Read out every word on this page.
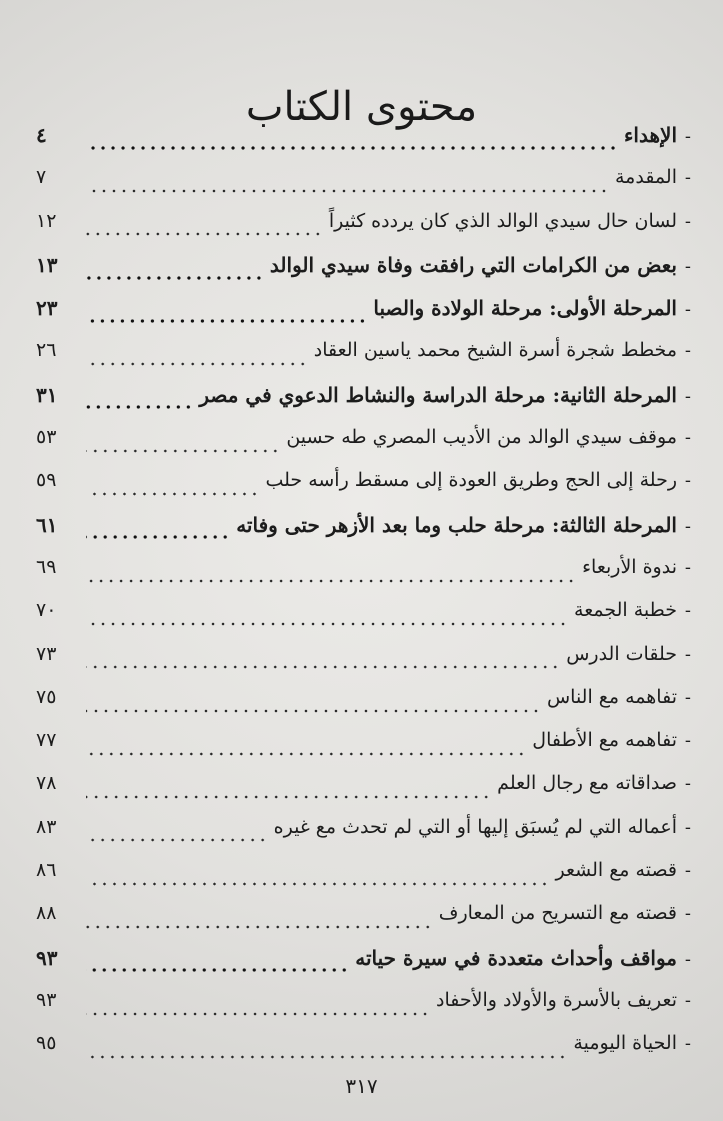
محتوى الكتاب
-
الإهداء
٤
-
المقدمة
٧
-
لسان حال سيدي الوالد الذي كان يردده كثيراً
١٢
-
بعض من الكرامات التي رافقت وفاة سيدي الوالد
١٣
-
المرحلة الأولى: مرحلة الولادة والصبا
٢٣
-
مخطط شجرة أسرة الشيخ محمد ياسين العقاد
٢٦
-
المرحلة الثانية: مرحلة الدراسة والنشاط الدعوي في مصر
٣١
-
موقف سيدي الوالد من الأديب المصري طه حسين
٥٣
-
رحلة إلى الحج وطريق العودة إلى مسقط رأسه حلب
٥٩
-
المرحلة الثالثة: مرحلة حلب وما بعد الأزهر حتى وفاته
٦١
-
ندوة الأربعاء
٦٩
-
خطبة الجمعة
٧٠
-
حلقات الدرس
٧٣
-
تفاهمه مع الناس
٧٥
-
تفاهمه مع الأطفال
٧٧
-
صداقاته مع رجال العلم
٧٨
-
أعماله التي لم يُسبَق إليها أو التي لم تحدث مع غيره
٨٣
-
قصته مع الشعر
٨٦
-
قصته مع التسريح من المعارف
٨٨
-
مواقف وأحداث متعددة في سيرة حياته
٩٣
-
تعريف بالأسرة والأولاد والأحفاد
٩٣
-
الحياة اليومية
٩٥
٣١٧
